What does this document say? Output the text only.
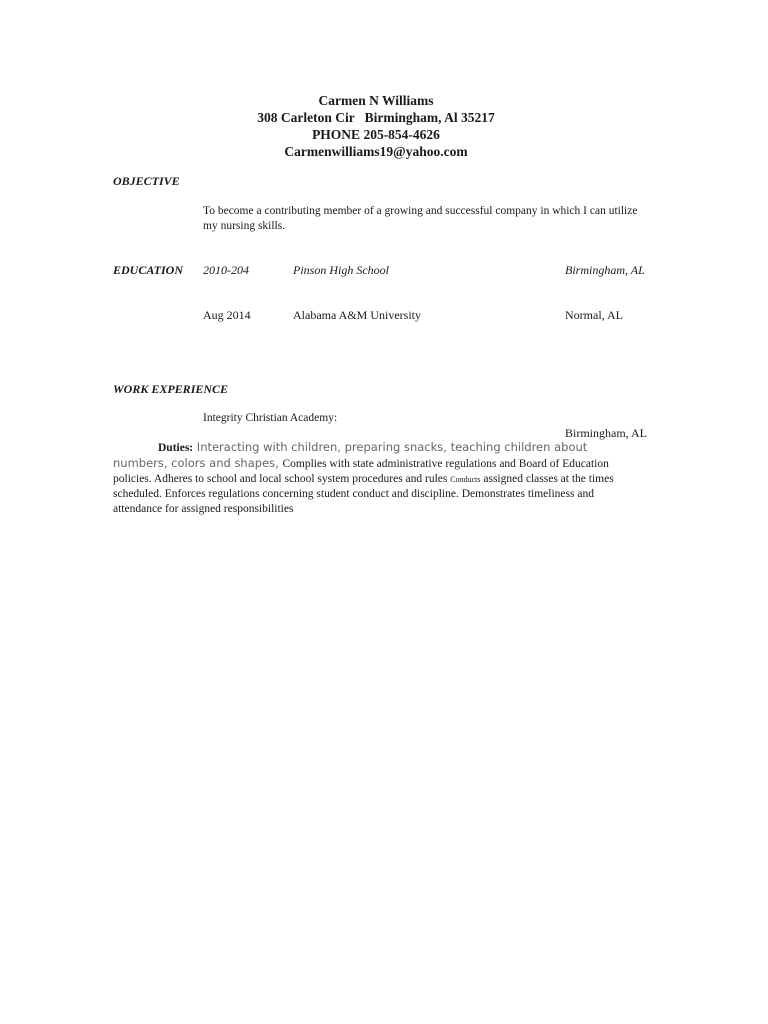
Carmen N Williams
308 Carleton Cir   Birmingham, Al 35217
PHONE 205-854-4626
Carmenwilliams19@yahoo.com
OBJECTIVE
To become a contributing member of a growing and successful company in which I can utilize my nursing skills.
EDUCATION 2010-204	Pinson High School	Birmingham, AL
Aug 2014	Alabama A&M University	Normal, AL
WORK EXPERIENCE
Integrity Christian Academy:
Birmingham, AL
Duties: Interacting with children, preparing snacks, teaching children about numbers, colors and shapes, Complies with state administrative regulations and Board of Education policies. Adheres to school and local school system procedures and rules Conducts assigned classes at the times scheduled. Enforces regulations concerning student conduct and discipline. Demonstrates timeliness and attendance for assigned responsibilities
